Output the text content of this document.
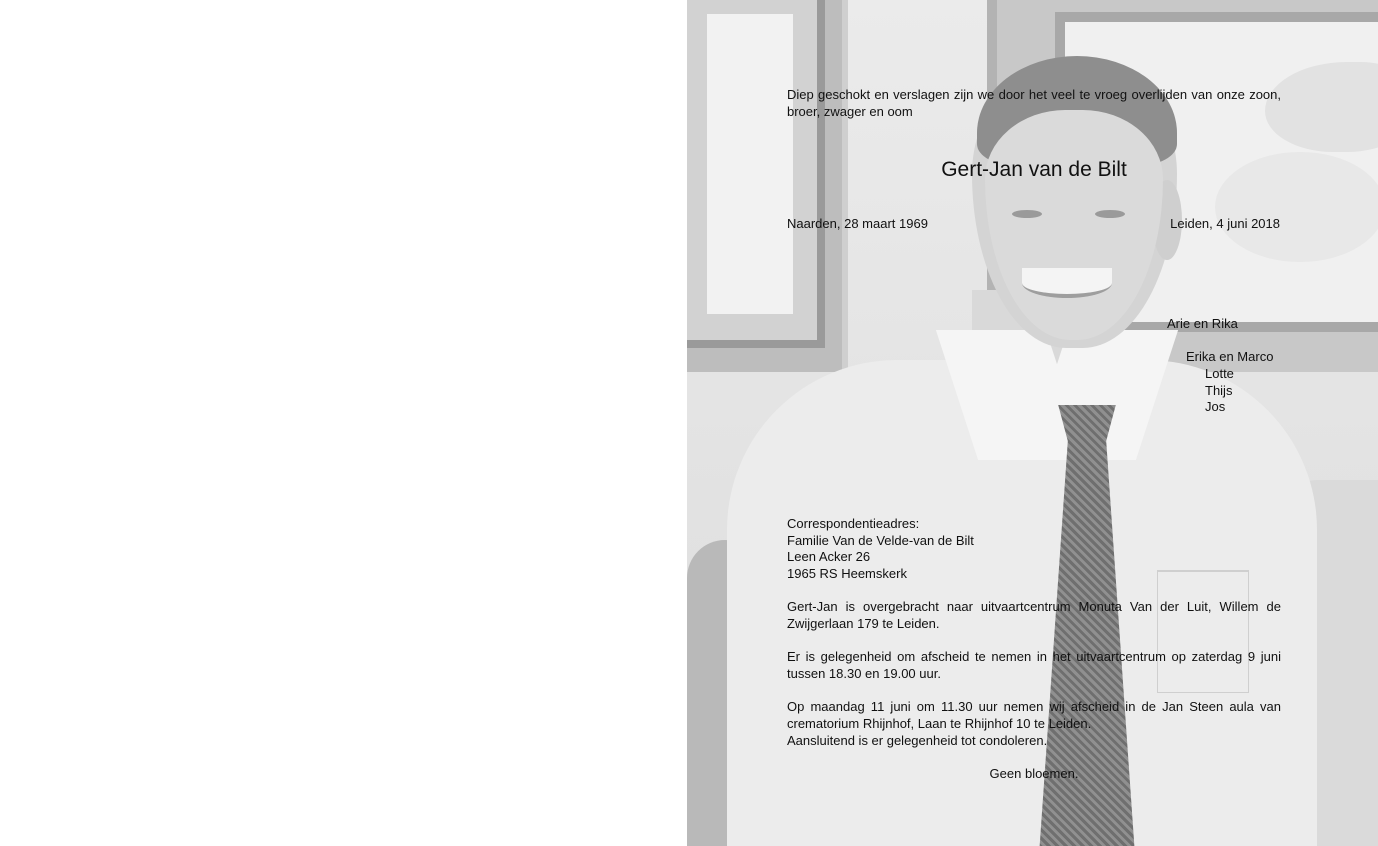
Diep geschokt en verslagen zijn we door het veel te vroeg overlijden van onze zoon, broer, zwager en oom

Gert-Jan van de Bilt

Naarden, 28 maart 1969	Leiden, 4 juni 2018

Arie en Rika
Erika en Marco
Lotte
Thijs
Jos
Correspondentieadres:
Familie Van de Velde-van de Bilt
Leen Acker 26
1965 RS Heemskerk

Gert-Jan is overgebracht naar uitvaartcentrum Monuta Van der Luit, Willem de Zwijgerlaan 179 te Leiden.

Er is gelegenheid om afscheid te nemen in het uitvaartcentrum op zaterdag 9 juni tussen 18.30 en 19.00 uur.

Op maandag 11 juni om 11.30 uur nemen wij afscheid in de Jan Steen aula van crematorium Rhijnhof, Laan te Rhijnhof 10 te Leiden.

Aansluitend is er gelegenheid tot condoleren.

Geen bloemen.
